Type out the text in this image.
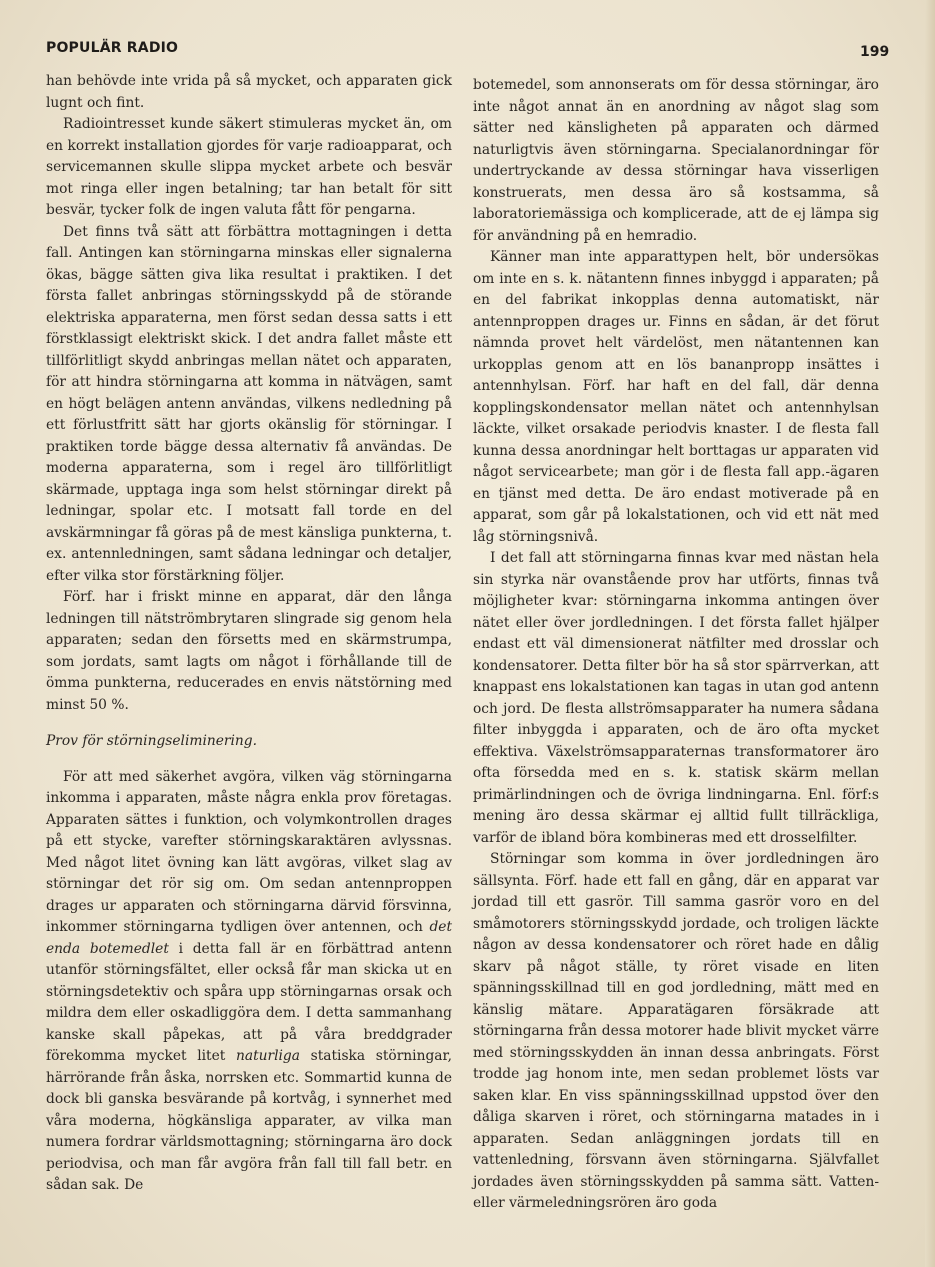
POPULÄR RADIO	199

han behövde inte vrida på så mycket, och apparaten gick lugnt och fint.

Radiointresset kunde säkert stimuleras mycket än, om en korrekt installation gjordes för varje radioapparat, och servicemannen skulle slippa mycket arbete och besvär mot ringa eller ingen betalning; tar han betalt för sitt besvär, tycker folk de ingen valuta fått för pengarna.

Det finns två sätt att förbättra mottagningen i detta fall. Antingen kan störningarna minskas eller signalerna ökas, bägge sätten giva lika resultat i praktiken. I det första fallet anbringas störningsskydd på de störande elektriska apparaterna, men först sedan dessa satts i ett förstklassigt elektriskt skick. I det andra fallet måste ett tillförlitligt skydd anbringas mellan nätet och apparaten, för att hindra störningarna att komma in nätvägen, samt en högt belägen antenn användas, vilkens nedledning på ett förlustfritt sätt har gjorts okänslig för störningar. I praktiken torde bägge dessa alternativ få användas. De moderna apparaterna, som i regel äro tillförlitligt skärmade, upptaga inga som helst störningar direkt på ledningar, spolar etc. I motsatt fall torde en del avskärmningar få göras på de mest känsliga punkterna, t. ex. antennledningen, samt sådana ledningar och detaljer, efter vilka stor förstärkning följer.

Förf. har i friskt minne en apparat, där den långa ledningen till nätströmbrytaren slingrade sig genom hela apparaten; sedan den försetts med en skärmstrumpa, som jordats, samt lagts om något i förhållande till de ömma punkterna, reducerades en envis nätstörning med minst 50 %.

Prov för störningseliminering.

För att med säkerhet avgöra, vilken väg störningarna inkomma i apparaten, måste några enkla prov företagas. Apparaten sättes i funktion, och volymkontrollen drages på ett stycke, varefter störningskaraktären avlyssnas. Med något litet övning kan lätt avgöras, vilket slag av störningar det rör sig om. Om sedan antennproppen drages ur apparaten och störningarna därvid försvinna, inkommer störningarna tydligen över antennen, och det enda botemedlet i detta fall är en förbättrad antenn utanför störningsfältet, eller också får man skicka ut en störningsdetektiv och spåra upp störningarnas orsak och mildra dem eller oskadliggöra dem. I detta sammanhang kanske skall påpekas, att på våra breddgrader förekomma mycket litet naturliga statiska störningar, härrörande från åska, norrsken etc. Sommartid kunna de dock bli ganska besvärande på kortvåg, i synnerhet med våra moderna, högkänsliga apparater, av vilka man numera fordrar världsmottagning; störningarna äro dock periodvisa, och man får avgöra från fall till fall betr. en sådan sak. De

botemedel, som annonserats om för dessa störningar, äro inte något annat än en anordning av något slag som sätter ned känsligheten på apparaten och därmed naturligtvis även störningarna. Specialanordningar för undertryckande av dessa störningar hava visserligen konstruerats, men dessa äro så kostsamma, så laboratoriemässiga och komplicerade, att de ej lämpa sig för användning på en hemradio.

Känner man inte apparattypen helt, bör undersökas om inte en s. k. nätantenn finnes inbyggd i apparaten; på en del fabrikat inkopplas denna automatiskt, när antennproppen drages ur. Finns en sådan, är det förut nämnda provet helt värdelöst, men nätantennen kan urkopplas genom att en lös bananpropp insättes i antennhylsan. Förf. har haft en del fall, där denna kopplingskondensator mellan nätet och antennhylsan läckte, vilket orsakade periodvis knaster. I de flesta fall kunna dessa anordningar helt borttagas ur apparaten vid något servicearbete; man gör i de flesta fall app.-ägaren en tjänst med detta. De äro endast motiverade på en apparat, som går på lokalstationen, och vid ett nät med låg störningsnivå.

I det fall att störningarna finnas kvar med nästan hela sin styrka när ovanstående prov har utförts, finnas två möjligheter kvar: störningarna inkomma antingen över nätet eller över jordledningen. I det första fallet hjälper endast ett väl dimensionerat nätfilter med drosslar och kondensatorer. Detta filter bör ha så stor spärrverkan, att knappast ens lokalstationen kan tagas in utan god antenn och jord. De flesta allströmsapparater ha numera sådana filter inbyggda i apparaten, och de äro ofta mycket effektiva. Växelströmsapparaternas transformatorer äro ofta försedda med en s. k. statisk skärm mellan primärlindningen och de övriga lindningarna. Enl. förf:s mening äro dessa skärmar ej alltid fullt tillräckliga, varför de ibland böra kombineras med ett drosselfilter.

Störningar som komma in över jordledningen äro sällsynta. Förf. hade ett fall en gång, där en apparat var jordad till ett gasrör. Till samma gasrör voro en del småmotorers störningsskydd jordade, och troligen läckte någon av dessa kondensatorer och röret hade en dålig skarv på något ställe, ty röret visade en liten spänningsskillnad till en god jordledning, mätt med en känslig mätare. Apparatägaren försäkrade att störningarna från dessa motorer hade blivit mycket värre med störningsskydden än innan dessa anbringats. Först trodde jag honom inte, men sedan problemet lösts var saken klar. En viss spänningsskillnad uppstod över den dåliga skarven i röret, och störningarna matades in i apparaten. Sedan anläggningen jordats till en vattenledning, försvann även störningarna. Självfallet jordades även störningsskydden på samma sätt. Vatten- eller värmeledningsrören äro goda
